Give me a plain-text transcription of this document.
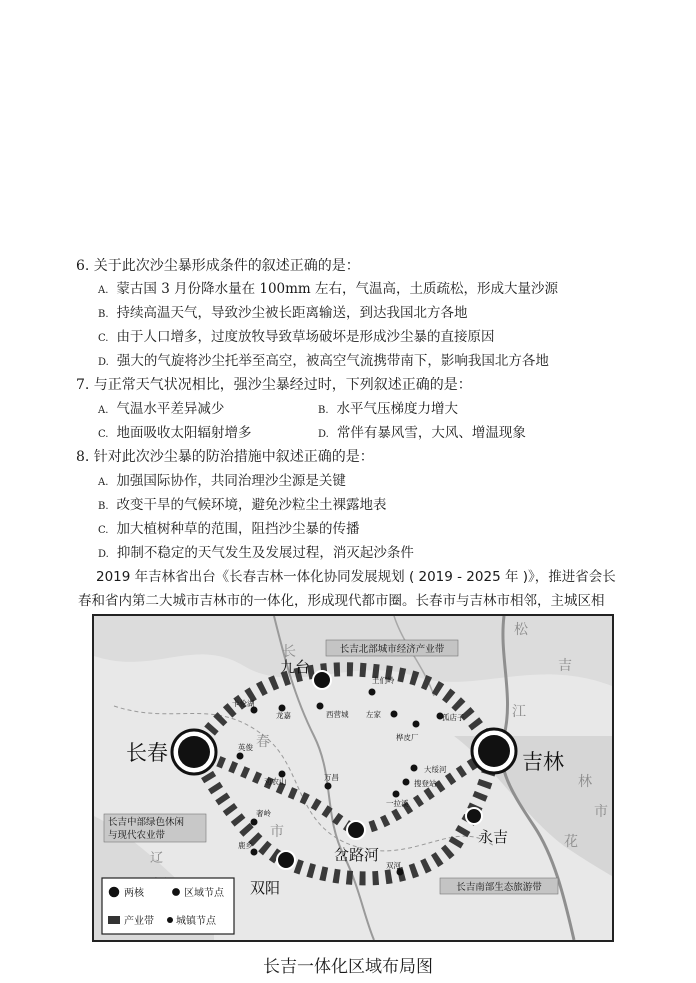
6. 关于此次沙尘暴形成条件的叙述正确的是：
A. 蒙古国 3 月份降水量在 100mm 左右，气温高，土质疏松，形成大量沙源
B. 持续高温天气，导致沙尘被长距离输送，到达我国北方各地
C. 由于人口增多，过度放牧导致草场破坏是形成沙尘暴的直接原因
D. 强大的气旋将沙尘托举至高空，被高空气流携带南下，影响我国北方各地
7. 与正常天气状况相比，强沙尘暴经过时，下列叙述正确的是：
A. 气温水平差异减少	B. 水平气压梯度力增大
C. 地面吸收太阳辐射增多	D. 常伴有暴风雪，大风、增温现象
8. 针对此次沙尘暴的防治措施中叙述正确的是：
A. 加强国际协作，共同治理沙尘源是关键
B. 改变干旱的气候环境，避免沙粒尘土裸露地表
C. 加大植树种草的范围，阻挡沙尘暴的传播
D. 抑制不稳定的天气发生及发展过程，消灭起沙条件
2019 年吉林省出台《长春吉林一体化协同发展规划 ( 2019 - 2025 年 )》，推进省会长
春和省内第二大城市吉林市的一体化，形成现代都市圈。长春市与吉林市相邻，主城区相
长吉北部城市经济产业带
长吉中部绿色休闲
与现代农业带
长吉南部生态旅游带
长
春
市
松
江
吉
林
市
花
辽
长春	吉林
九台
岔路河
永吉
双阳
卡伦湖
龙嘉	西营城
土们岭
左家
桦皮厂
孤店子
英俊
劝农山	万昌
大绥河
搜登站
一拉溪
奢岭
鹿乡
双河
两核	区域节点
产业带 城镇节点
长吉一体化区域布局图
